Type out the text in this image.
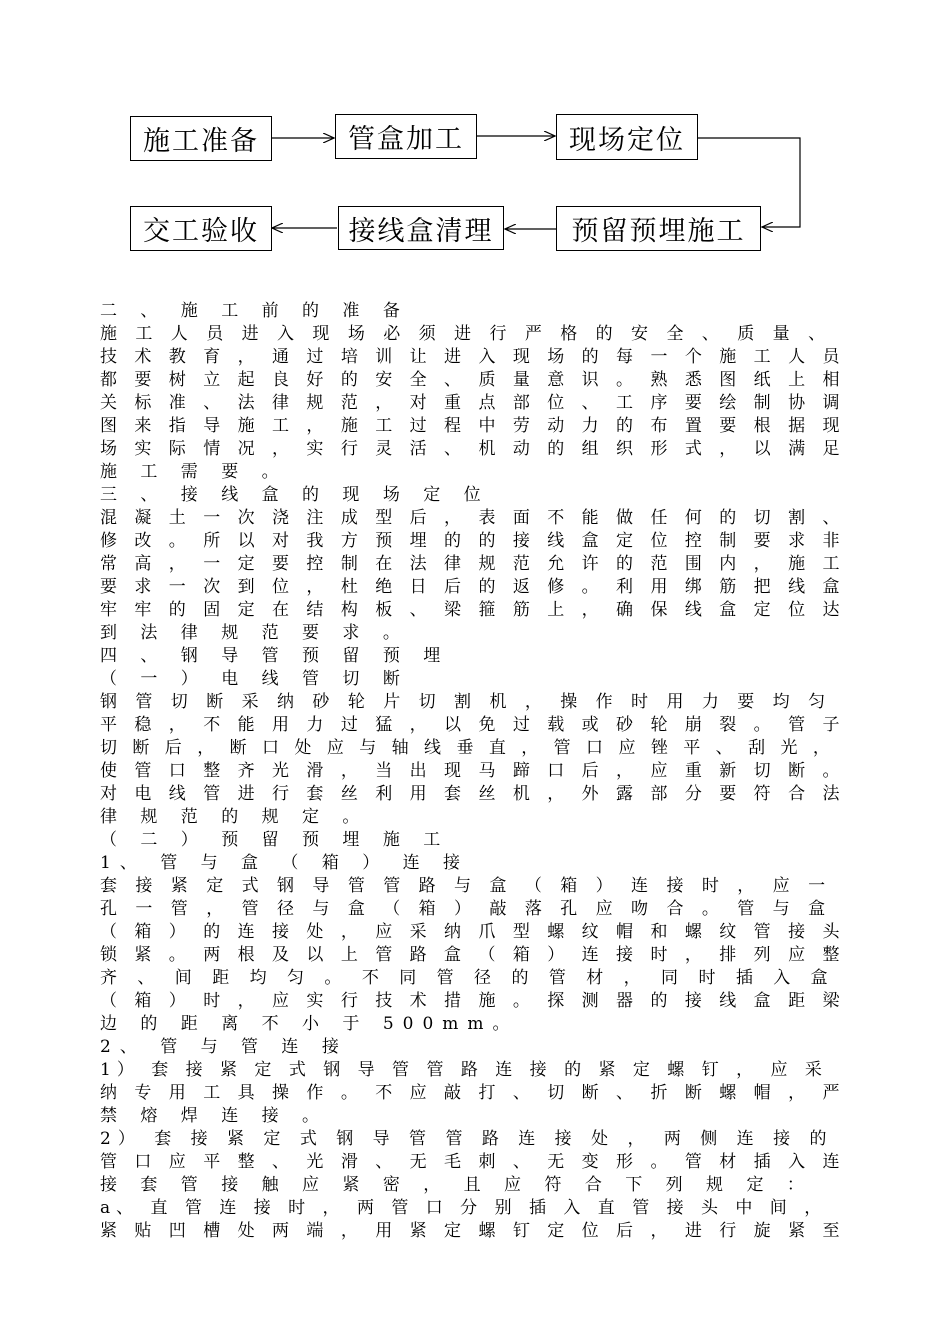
施工准备	管盒加工	现场定位
预留预埋施工
接线盒清理
交工验收
二 、 施 工 前 的 准 备
施 工 人 员 进 入 现 场 必 须 进 行 严 格 的 安 全 、 质 量 、
技 术 教 育 ， 通 过 培 训 让 进 入 现 场 的 每 一 个 施 工 人 员
都 要 树 立 起 良 好 的 安 全 、 质 量 意 识 。 熟 悉 图 纸 上 相
关 标 准 、 法 律 规 范 ， 对 重 点 部 位 、 工 序 要 绘 制 协 调
图 来 指 导 施 工 ， 施 工 过 程 中 劳 动 力 的 布 置 要 根 据 现
场 实 际 情 况 ， 实 行 灵 活 、 机 动 的 组 织 形 式 ， 以 满 足
施 工 需 要 。
三 、 接 线 盒 的 现 场 定 位
混 凝 土 一 次 浇 注 成 型 后 ， 表 面 不 能 做 任 何 的 切 割 、
修 改 。 所 以 对 我 方 预 埋 的 的 接 线 盒 定 位 控 制 要 求 非
常 高 ， 一 定 要 控 制 在 法 律 规 范 允 许 的 范 围 内 ， 施 工
要 求 一 次 到 位 ， 杜 绝 日 后 的 返 修 。 利 用 绑 筋 把 线 盒
牢 牢 的 固 定 在 结 构 板 、 梁 箍 筋 上 ， 确 保 线 盒 定 位 达
到 法 律 规 范 要 求 。
四 、 钢 导 管 预 留 预 埋
（ 一 ） 电 线 管 切 断
钢 管 切 断 采 纳 砂 轮 片 切 割 机 ， 操 作 时 用 力 要 均 匀
平 稳 ， 不 能 用 力 过 猛 ， 以 免 过 载 或 砂 轮 崩 裂 。 管 子
切 断 后 ， 断 口 处 应 与 轴 线 垂 直 ， 管 口 应 锉 平 、 刮 光 ，
使 管 口 整 齐 光 滑 ， 当 出 现 马 蹄 口 后 ， 应 重 新 切 断 。
对 电 线 管 进 行 套 丝 利 用 套 丝 机 ， 外 露 部 分 要 符 合 法
律 规 范 的 规 定 。
（ 二 ） 预 留 预 埋 施 工
1、 管 与 盒 （ 箱 ） 连 接
套 接 紧 定 式 钢 导 管 管 路 与 盒 （ 箱 ） 连 接 时 ， 应 一
孔 一 管 ， 管 径 与 盒 （ 箱 ） 敲 落 孔 应 吻 合 。 管 与 盒
（ 箱 ） 的 连 接 处 ， 应 采 纳 爪 型 螺 纹 帽 和 螺 纹 管 接 头
锁 紧 。 两 根 及 以 上 管 路 盒 （ 箱 ） 连 接 时 ， 排 列 应 整
齐 、 间 距 均 匀 。 不 同 管 径 的 管 材 ， 同 时 插 入 盒
（ 箱 ） 时 ， 应 实 行 技 术 措 施 。 探 测 器 的 接 线 盒 距 梁
边 的 距 离 不 小 于 500mm。
2、 管 与 管 连 接
1） 套 接 紧 定 式 钢 导 管 管 路 连 接 的 紧 定 螺 钉 ， 应 采
纳 专 用 工 具 操 作 。 不 应 敲 打 、 切 断 、 折 断 螺 帽 ， 严
禁 熔 焊 连 接 。
2） 套 接 紧 定 式 钢 导 管 管 路 连 接 处 ， 两 侧 连 接 的
管 口 应 平 整 、 光 滑 、 无 毛 刺 、 无 变 形 。 管 材 插 入 连
接 套 管 接 触 应 紧 密 ， 且 应 符 合 下 列 规 定 ：
a、 直 管 连 接 时 ， 两 管 口 分 别 插 入 直 管 接 头 中 间 ，
紧 贴 凹 槽 处 两 端 ， 用 紧 定 螺 钉 定 位 后 ， 进 行 旋 紧 至
